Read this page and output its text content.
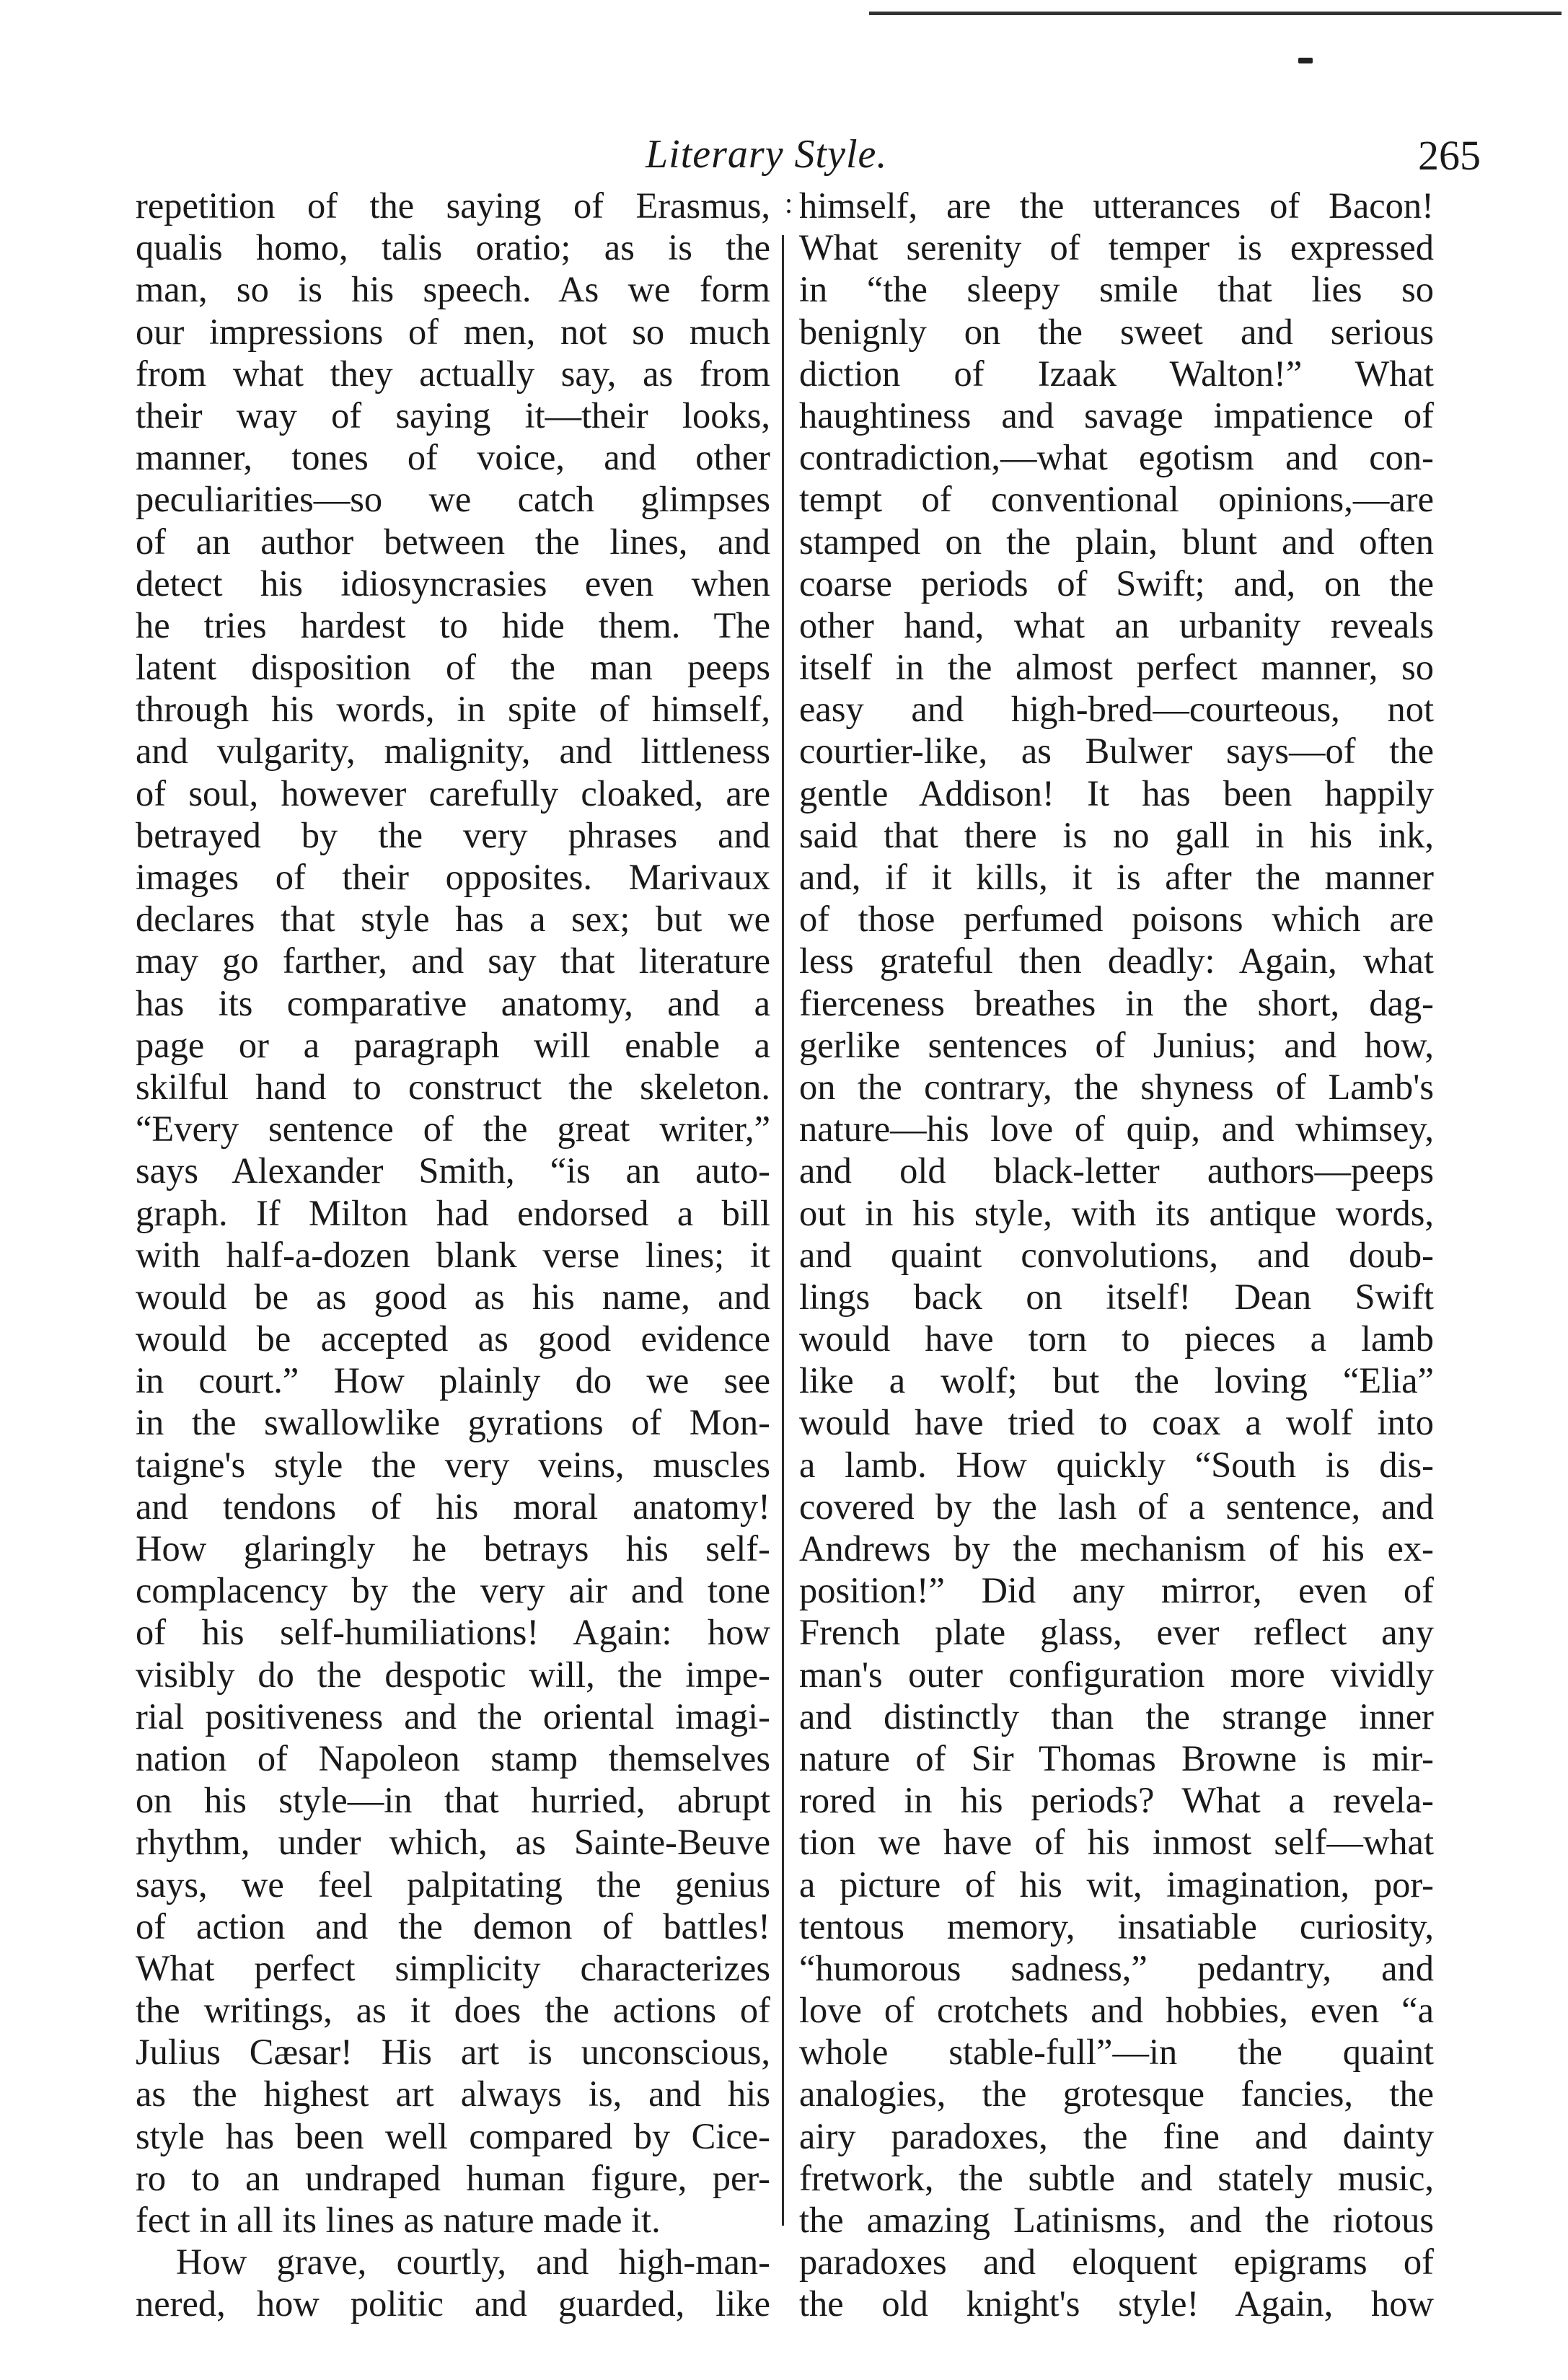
Literary Style.	265
:
repetition of the saying of Erasmus,
qualis homo, talis oratio; as is the
man, so is his speech. As we form
our impressions of men, not so much
from what they actually say, as from
their way of saying it—their looks,
manner, tones of voice, and other
peculiarities—so we catch glimpses
of an author between the lines, and
detect his idiosyncrasies even when
he tries hardest to hide them. The
latent disposition of the man peeps
through his words, in spite of himself,
and vulgarity, malignity, and littleness
of soul, however carefully cloaked, are
betrayed by the very phrases and
images of their opposites. Marivaux
declares that style has a sex; but we
may go farther, and say that literature
has its comparative anatomy, and a
page or a paragraph will enable a
skilful hand to construct the skeleton.
“Every sentence of the great writer,”
says Alexander Smith, “is an auto-
graph. If Milton had endorsed a bill
with half-a-dozen blank verse lines; it
would be as good as his name, and
would be accepted as good evidence
in court.” How plainly do we see
in the swallowlike gyrations of Mon-
taigne's style the very veins, muscles
and tendons of his moral anatomy!
How glaringly he betrays his self-
complacency by the very air and tone
of his self-humiliations! Again: how
visibly do the despotic will, the impe-
rial positiveness and the oriental imagi-
nation of Napoleon stamp themselves
on his style—in that hurried, abrupt
rhythm, under which, as Sainte-Beuve
says, we feel palpitating the genius
of action and the demon of battles!
What perfect simplicity characterizes
the writings, as it does the actions of
Julius Cæsar! His art is unconscious,
as the highest art always is, and his
style has been well compared by Cice-
ro to an undraped human figure, per-
fect in all its lines as nature made it.
How grave, courtly, and high-man-
nered, how politic and guarded, like
himself, are the utterances of Bacon!
What serenity of temper is expressed
in “the sleepy smile that lies so
benignly on the sweet and serious
diction of Izaak Walton!” What
haughtiness and savage impatience of
contradiction,—what egotism and con-
tempt of conventional opinions,—are
stamped on the plain, blunt and often
coarse periods of Swift; and, on the
other hand, what an urbanity reveals
itself in the almost perfect manner, so
easy and high-bred—courteous, not
courtier-like, as Bulwer says—of the
gentle Addison! It has been happily
said that there is no gall in his ink,
and, if it kills, it is after the manner
of those perfumed poisons which are
less grateful then deadly: Again, what
fierceness breathes in the short, dag-
gerlike sentences of Junius; and how,
on the contrary, the shyness of Lamb's
nature—his love of quip, and whimsey,
and old black-letter authors—peeps
out in his style, with its antique words,
and quaint convolutions, and doub-
lings back on itself! Dean Swift
would have torn to pieces a lamb
like a wolf; but the loving “Elia”
would have tried to coax a wolf into
a lamb. How quickly “South is dis-
covered by the lash of a sentence, and
Andrews by the mechanism of his ex-
position!” Did any mirror, even of
French plate glass, ever reflect any
man's outer configuration more vividly
and distinctly than the strange inner
nature of Sir Thomas Browne is mir-
rored in his periods? What a revela-
tion we have of his inmost self—what
a picture of his wit, imagination, por-
tentous memory, insatiable curiosity,
“humorous sadness,” pedantry, and
love of crotchets and hobbies, even “a
whole stable-full”—in the quaint
analogies, the grotesque fancies, the
airy paradoxes, the fine and dainty
fretwork, the subtle and stately music,
the amazing Latinisms, and the riotous
paradoxes and eloquent epigrams of
the old knight's style! Again, how
